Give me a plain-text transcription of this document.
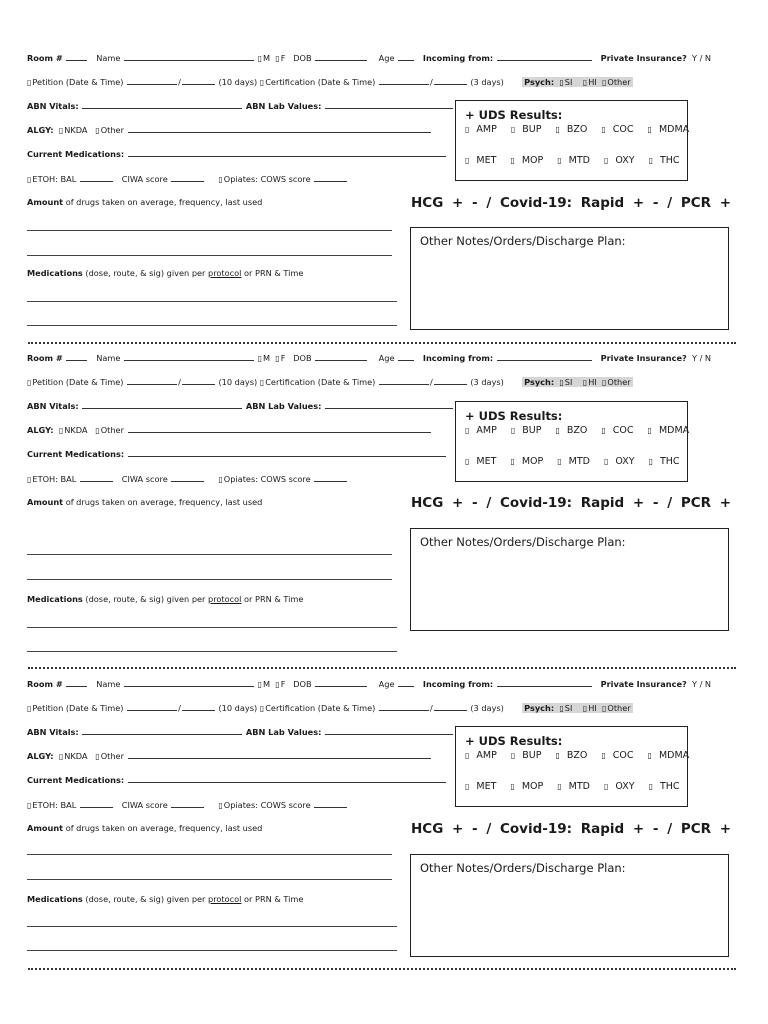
Room #	Name	▯M ▯F DOB	Age	Incoming from:	Private Insurance? Y / N
▯Petition (Date & Time)	/	(10 days) ▯Certification (Date & Time)	/	(3 days) Psych: ▯SI ▯HI ▯Other
ABN Vitals:	ABN Lab Values:
ALGY: ▯NKDA ▯Other
Current Medications:
▯ETOH: BAL	CIWA score	▯Opiates: COWS score
Amount of drugs taken on average, frequency, last used
Medications (dose, route, & sig) given per protocol or PRN & Time
+ UDS Results:
▯ AMP ▯ BUP ▯ BZO ▯ COC ▯ MDMA
▯ MET ▯ MOP ▯ MTD ▯ OXY ▯ THC
HCG + - / Covid-19: Rapid + - / PCR +
Other Notes/Orders/Discharge Plan:
Room #	Name	▯M ▯F DOB	Age	Incoming from:	Private Insurance? Y / N
▯Petition (Date & Time)	/	(10 days) ▯Certification (Date & Time)	/	(3 days) Psych: ▯SI ▯HI ▯Other
ABN Vitals:	ABN Lab Values:
ALGY: ▯NKDA ▯Other
Current Medications:
▯ETOH: BAL	CIWA score	▯Opiates: COWS score
Amount of drugs taken on average, frequency, last used
Medications (dose, route, & sig) given per protocol or PRN & Time
+ UDS Results:
▯ AMP ▯ BUP ▯ BZO ▯ COC ▯ MDMA
▯ MET ▯ MOP ▯ MTD ▯ OXY ▯ THC
HCG + - / Covid-19: Rapid + - / PCR +
Other Notes/Orders/Discharge Plan:
Room #	Name	▯M ▯F DOB	Age	Incoming from:	Private Insurance? Y / N
▯Petition (Date & Time)	/	(10 days) ▯Certification (Date & Time)	/	(3 days) Psych: ▯SI ▯HI ▯Other
ABN Vitals:	ABN Lab Values:
ALGY: ▯NKDA ▯Other
Current Medications:
▯ETOH: BAL	CIWA score	▯Opiates: COWS score
Amount of drugs taken on average, frequency, last used
Medications (dose, route, & sig) given per protocol or PRN & Time
+ UDS Results:
▯ AMP ▯ BUP ▯ BZO ▯ COC ▯ MDMA
▯ MET ▯ MOP ▯ MTD ▯ OXY ▯ THC
HCG + - / Covid-19: Rapid + - / PCR +
Other Notes/Orders/Discharge Plan:
